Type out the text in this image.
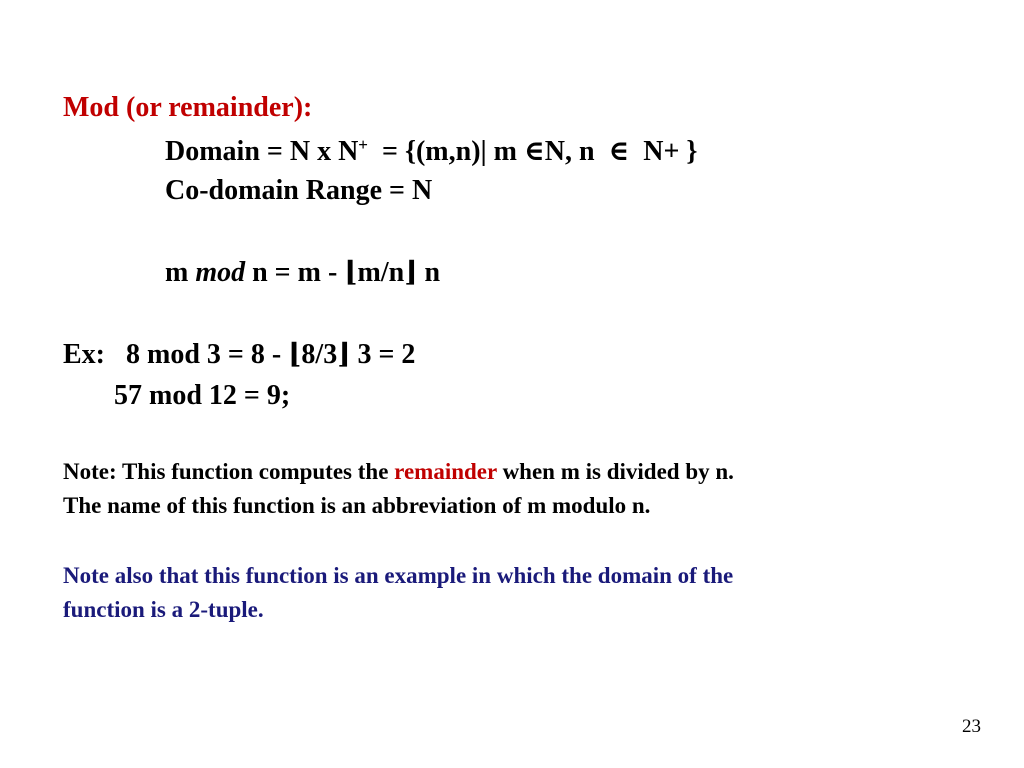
Mod (or remainder):
Domain = N x N+  = {(m,n)| m ∈N, n  ∈  N+ }
Co-domain Range = N
m mod n = m - ⌊m/n⌋ n
Ex:   8 mod 3 = 8 - ⌊8/3⌋ 3 = 2
57 mod 12 = 9;
Note: This function computes the remainder when m is divided by n.
The name of this function is an abbreviation of m modulo n.
Note also that this function is an example in which the domain of the
function is a 2-tuple.
23
